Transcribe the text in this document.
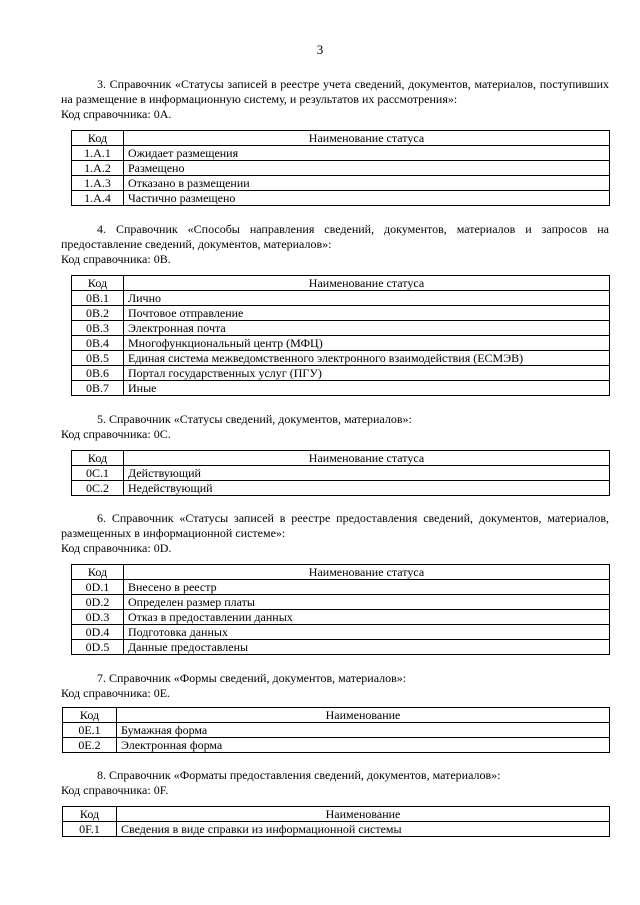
3

3. Справочник «Статусы записей в реестре учета сведений, документов, материалов, поступивших на размещение в информационную систему, и результатов их рассмотрения»:

Код справочника: 0A.

Код	Наименование статуса
1.A.1	Ожидает размещения
1.A.2	Размещено
1.A.3	Отказано в размещении
1.A.4	Частично размещено

4. Справочник «Способы направления сведений, документов, материалов и запросов на предоставление сведений, документов, материалов»:

Код справочника: 0B.

Код	Наименование статуса
0B.1	Лично
0B.2	Почтовое отправление
0B.3	Электронная почта
0B.4	Многофункциональный центр (МФЦ)
0B.5	Единая система межведомственного электронного взаимодействия (ЕСМЭВ)
0B.6	Портал государственных услуг (ПГУ)
0B.7	Иные

5. Справочник «Статусы сведений, документов, материалов»:

Код справочника: 0C.

Код	Наименование статуса
0C.1	Действующий
0C.2	Недействующий

6. Справочник «Статусы записей в реестре предоставления сведений, документов, материалов, размещенных в информационной системе»:

Код справочника: 0D.

Код	Наименование статуса
0D.1	Внесено в реестр
0D.2	Определен размер платы
0D.3	Отказ в предоставлении данных
0D.4	Подготовка данных
0D.5	Данные предоставлены

7. Справочник «Формы сведений, документов, материалов»:

Код справочника: 0E.

Код	Наименование
0E.1	Бумажная форма
0E.2	Электронная форма

8. Справочник «Форматы предоставления сведений, документов, материалов»:

Код справочника: 0F.

Код	Наименование
0F.1	Сведения в виде справки из информационной системы
